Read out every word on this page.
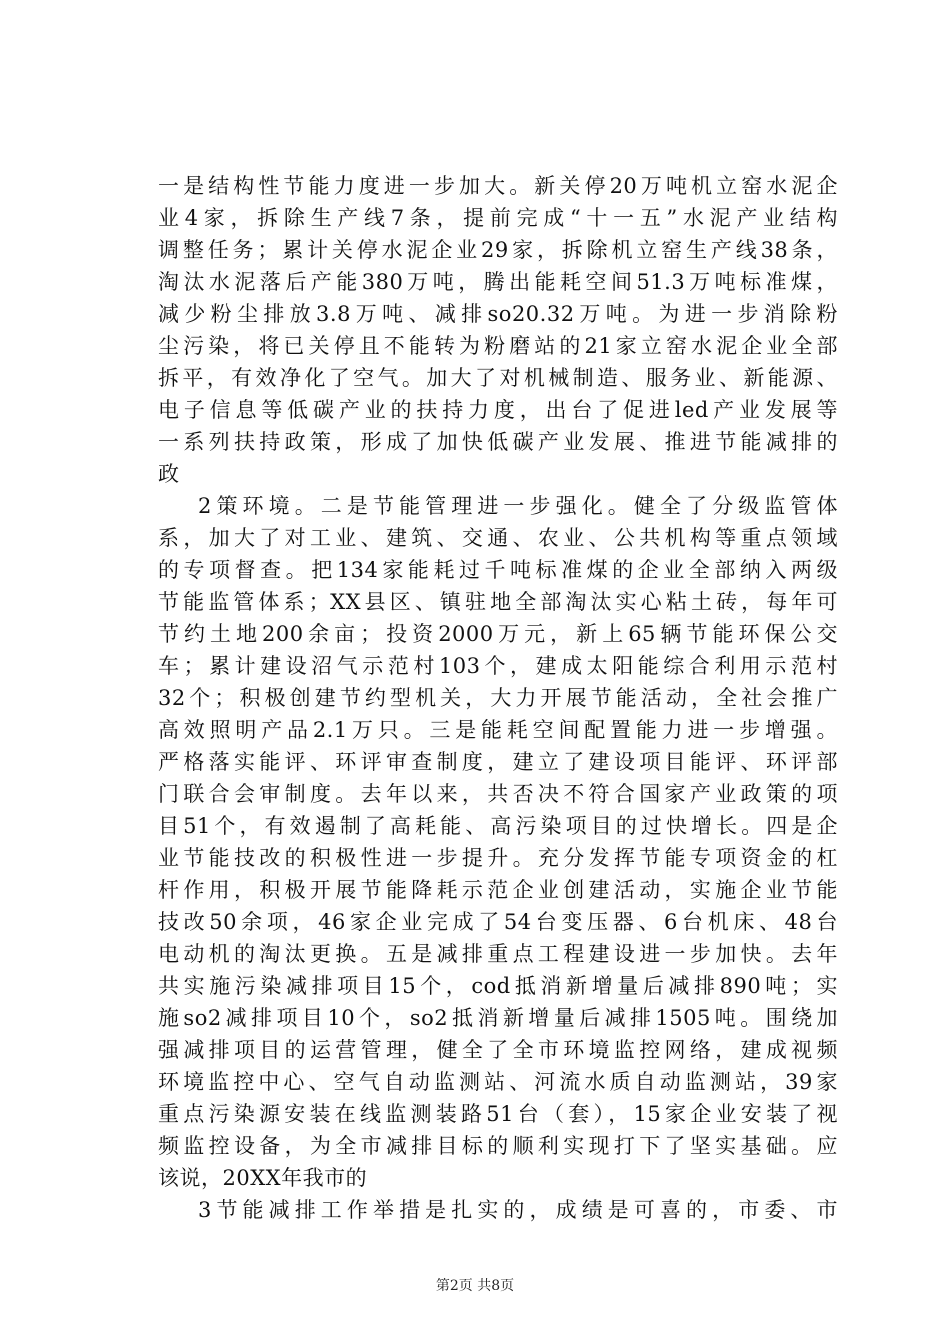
一是结构性节能力度进一步加大。新关停20万吨机立窑水泥企
业4家，拆除生产线7条，提前完成“十一五”水泥产业结构
调整任务；累计关停水泥企业29家，拆除机立窑生产线38条，
淘汰水泥落后产能380万吨，腾出能耗空间51.3万吨标准煤，
减少粉尘排放3.8万吨、减排so20.32万吨。为进一步消除粉
尘污染，将已关停且不能转为粉磨站的21家立窑水泥企业全部
拆平，有效净化了空气。加大了对机械制造、服务业、新能源、
电子信息等低碳产业的扶持力度，出台了促进led产业发展等
一系列扶持政策，形成了加快低碳产业发展、推进节能减排的
政
2策环境。二是节能管理进一步强化。健全了分级监管体
系，加大了对工业、建筑、交通、农业、公共机构等重点领域
的专项督查。把134家能耗过千吨标准煤的企业全部纳入两级
节能监管体系；XX县区、镇驻地全部淘汰实心粘土砖，每年可
节约土地200余亩；投资2000万元，新上65辆节能环保公交
车；累计建设沼气示范村103个，建成太阳能综合利用示范村
32个；积极创建节约型机关，大力开展节能活动，全社会推广
高效照明产品2.1万只。三是能耗空间配置能力进一步增强。
严格落实能评、环评审查制度，建立了建设项目能评、环评部
门联合会审制度。去年以来，共否决不符合国家产业政策的项
目51个，有效遏制了高耗能、高污染项目的过快增长。四是企
业节能技改的积极性进一步提升。充分发挥节能专项资金的杠
杆作用，积极开展节能降耗示范企业创建活动，实施企业节能
技改50余项，46家企业完成了54台变压器、6台机床、48台
电动机的淘汰更换。五是减排重点工程建设进一步加快。去年
共实施污染减排项目15个，cod抵消新增量后减排890吨；实
施so2减排项目10个，so2抵消新增量后减排1505吨。围绕加
强减排项目的运营管理，健全了全市环境监控网络，建成视频
环境监控中心、空气自动监测站、河流水质自动监测站，39家
重点污染源安装在线监测装路51台（套），15家企业安装了视
频监控设备，为全市减排目标的顺利实现打下了坚实基础。应
该说，20XX年我市的
3节能减排工作举措是扎实的，成绩是可喜的，市委、市
第2页 共8页
